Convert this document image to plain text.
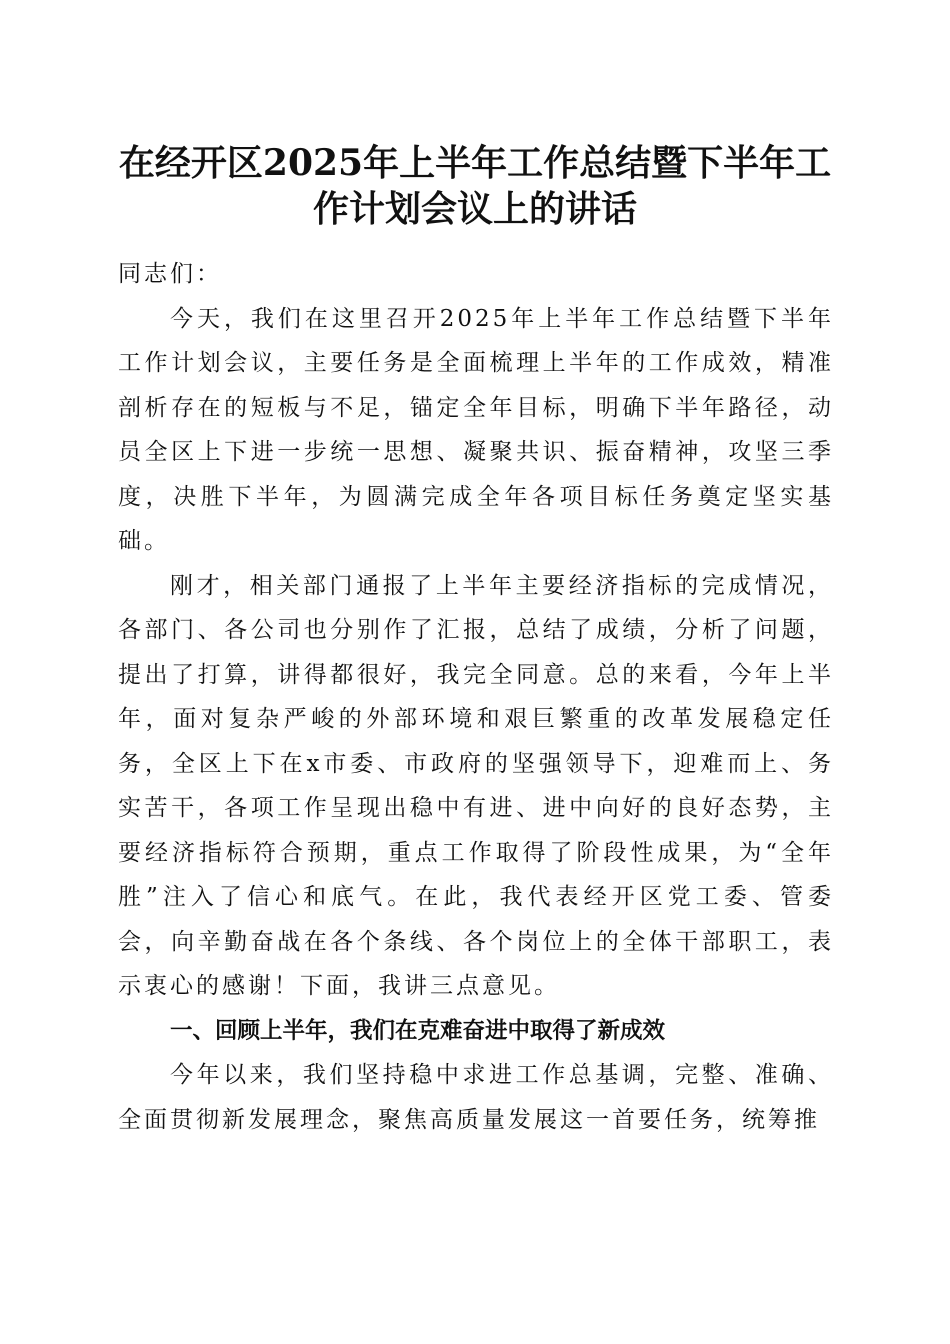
在经开区2025年上半年工作总结暨下半年工
作计划会议上的讲话

同志们：

今天，我们在这里召开2025年上半年工作总结暨下半年工作计划会议，主要任务是全面梳理上半年的工作成效，精准剖析存在的短板与不足，锚定全年目标，明确下半年路径，动员全区上下进一步统一思想、凝聚共识、振奋精神，攻坚三季度，决胜下半年，为圆满完成全年各项目标任务奠定坚实基础。

刚才，相关部门通报了上半年主要经济指标的完成情况，各部门、各公司也分别作了汇报，总结了成绩，分析了问题，提出了打算，讲得都很好，我完全同意。总的来看，今年上半年，面对复杂严峻的外部环境和艰巨繁重的改革发展稳定任务，全区上下在x市委、市政府的坚强领导下，迎难而上、务实苦干，各项工作呈现出稳中有进、进中向好的良好态势，主要经济指标符合预期，重点工作取得了阶段性成果，为“全年胜”注入了信心和底气。在此，我代表经开区党工委、管委会，向辛勤奋战在各个条线、各个岗位上的全体干部职工，表示衷心的感谢！下面，我讲三点意见。

一、回顾上半年，我们在克难奋进中取得了新成效

今年以来，我们坚持稳中求进工作总基调，完整、准确、全面贯彻新发展理念，聚焦高质量发展这一首要任务，统筹推
